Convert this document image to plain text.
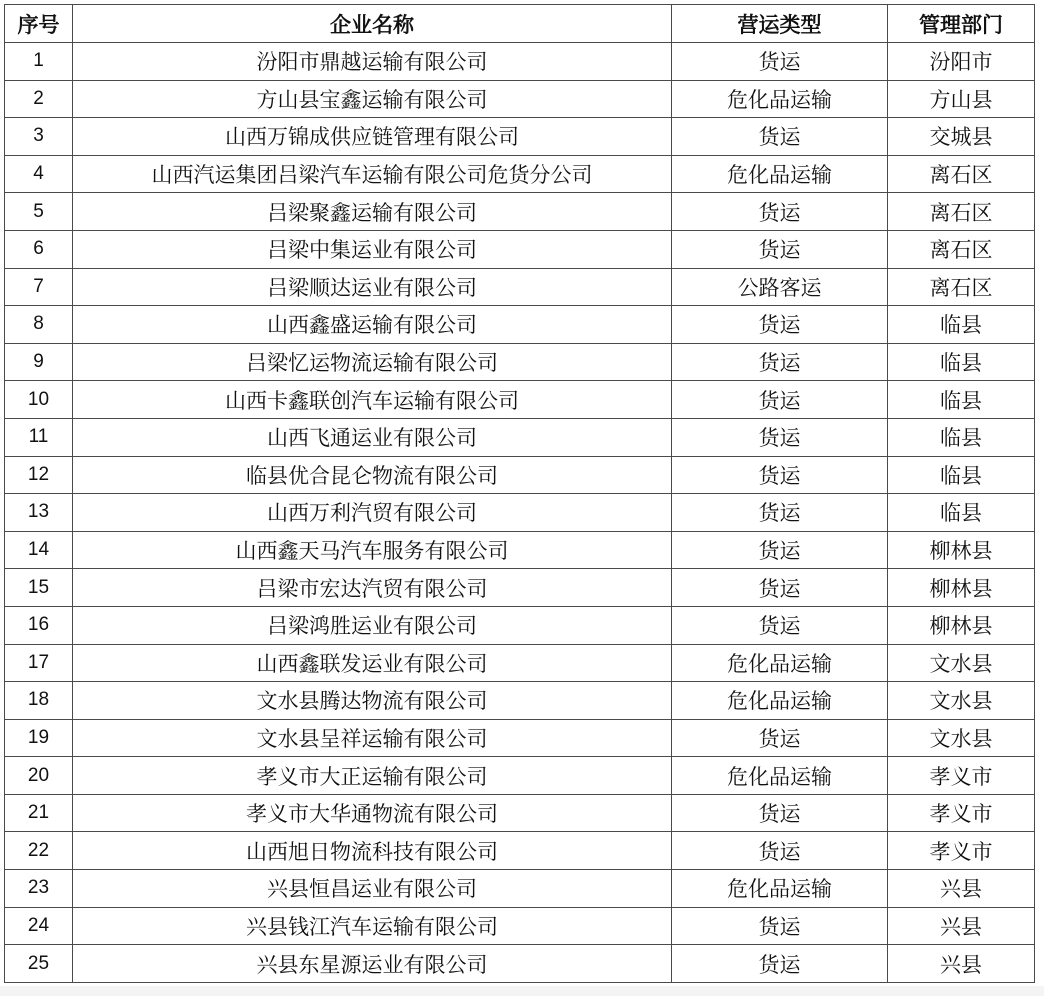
序号	企业名称	营运类型	管理部门
1	汾阳市鼎越运输有限公司	货运	汾阳市
2	方山县宝鑫运输有限公司	危化品运输	方山县
3	山西万锦成供应链管理有限公司	货运	交城县
4	山西汽运集团吕梁汽车运输有限公司危货分公司	危化品运输	离石区
5	吕梁聚鑫运输有限公司	货运	离石区
6	吕梁中集运业有限公司	货运	离石区
7	吕梁顺达运业有限公司	公路客运	离石区
8	山西鑫盛运输有限公司	货运	临县
9	吕梁忆运物流运输有限公司	货运	临县
10	山西卡鑫联创汽车运输有限公司	货运	临县
11	山西飞通运业有限公司	货运	临县
12	临县优合昆仑物流有限公司	货运	临县
13	山西万利汽贸有限公司	货运	临县
14	山西鑫天马汽车服务有限公司	货运	柳林县
15	吕梁市宏达汽贸有限公司	货运	柳林县
16	吕梁鸿胜运业有限公司	货运	柳林县
17	山西鑫联发运业有限公司	危化品运输	文水县
18	文水县腾达物流有限公司	危化品运输	文水县
19	文水县呈祥运输有限公司	货运	文水县
20	孝义市大正运输有限公司	危化品运输	孝义市
21	孝义市大华通物流有限公司	货运	孝义市
22	山西旭日物流科技有限公司	货运	孝义市
23	兴县恒昌运业有限公司	危化品运输	兴县
24	兴县钱江汽车运输有限公司	货运	兴县
25	兴县东星源运业有限公司	货运	兴县
